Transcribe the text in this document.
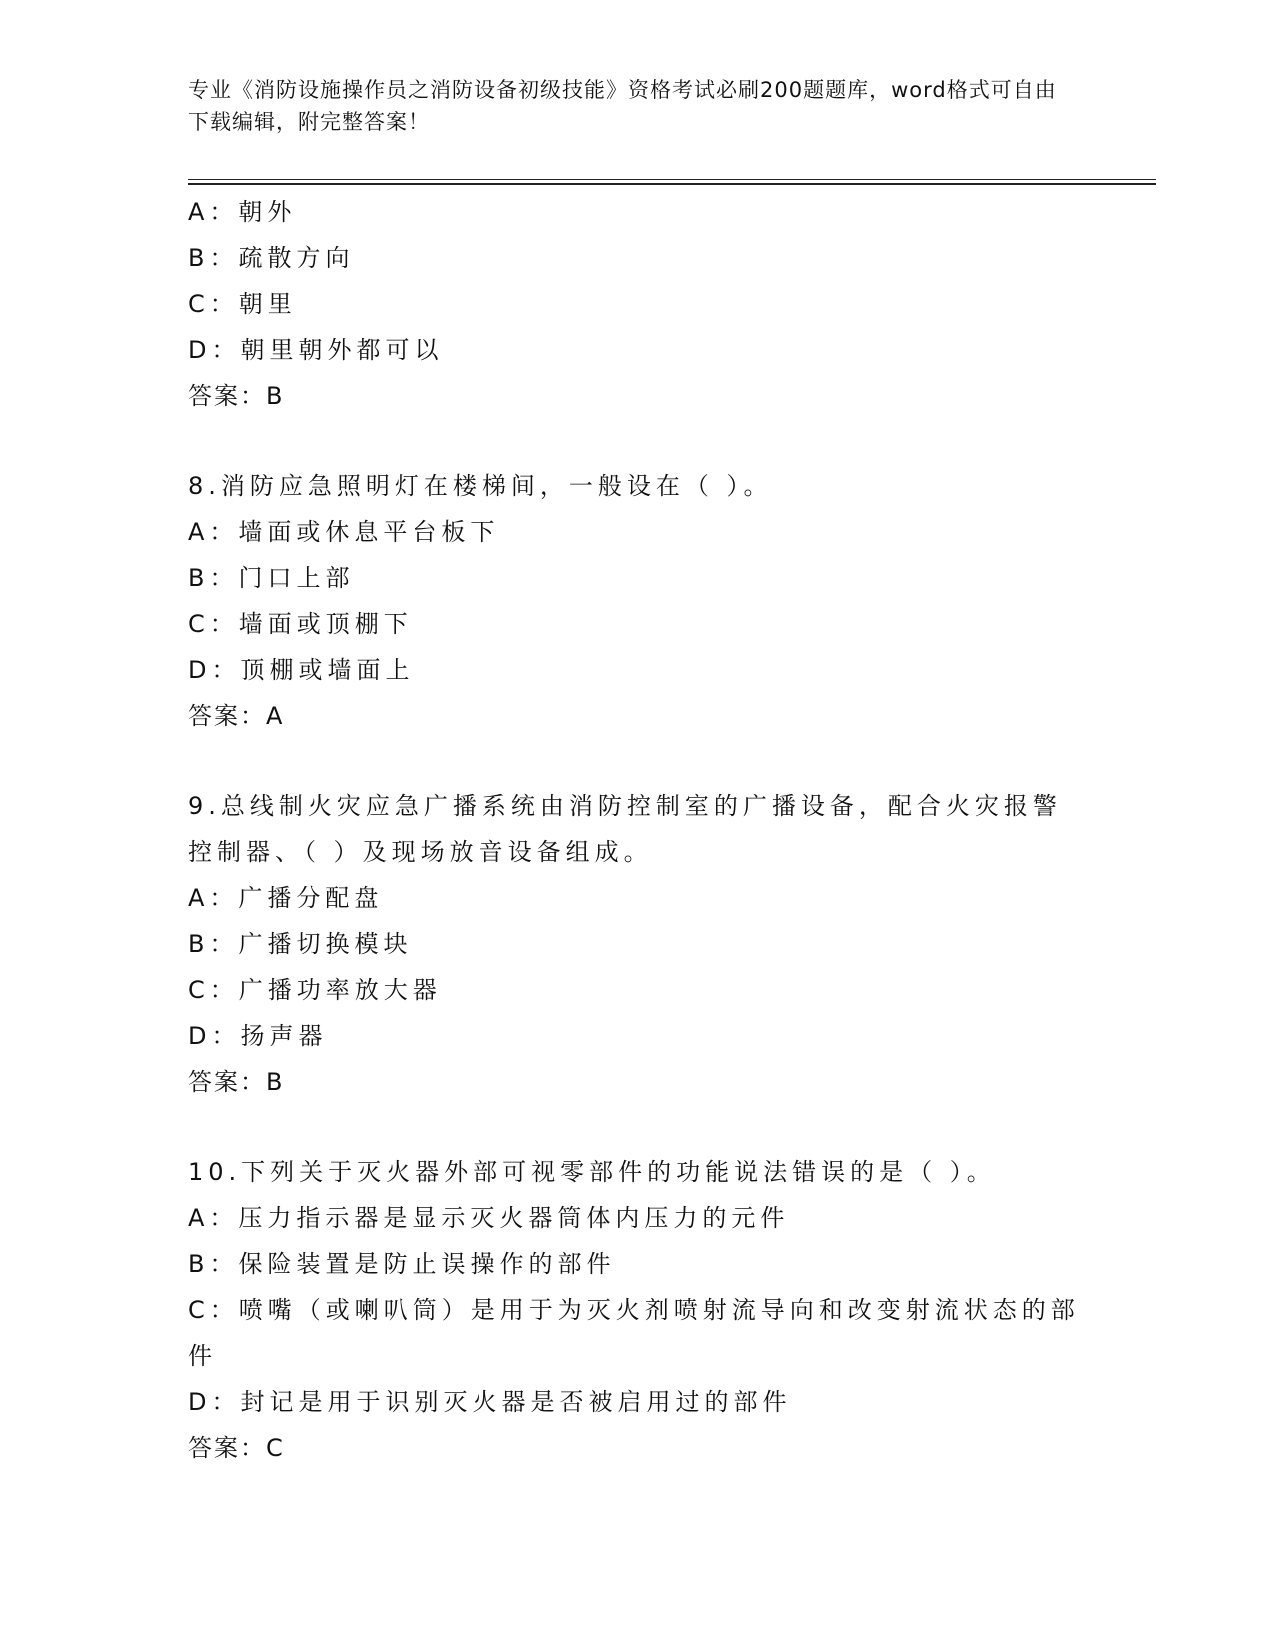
专业《消防设施操作员之消防设备初级技能》资格考试必刷200题题库，word格式可自由下载编辑，附完整答案！
A：朝外
B：疏散方向
C：朝里
D：朝里朝外都可以
答案：B
8.消防应急照明灯在楼梯间，一般设在（ ）。
A：墙面或休息平台板下
B：门口上部
C：墙面或顶棚下
D：顶棚或墙面上
答案：A
9.总线制火灾应急广播系统由消防控制室的广播设备，配合火灾报警控制器、（ ）及现场放音设备组成。
A：广播分配盘
B：广播切换模块
C：广播功率放大器
D：扬声器
答案：B
10.下列关于灭火器外部可视零部件的功能说法错误的是（ ）。
A：压力指示器是显示灭火器筒体内压力的元件
B：保险装置是防止误操作的部件
C：喷嘴（或喇叭筒）是用于为灭火剂喷射流导向和改变射流状态的部件
D：封记是用于识别灭火器是否被启用过的部件
答案：C
